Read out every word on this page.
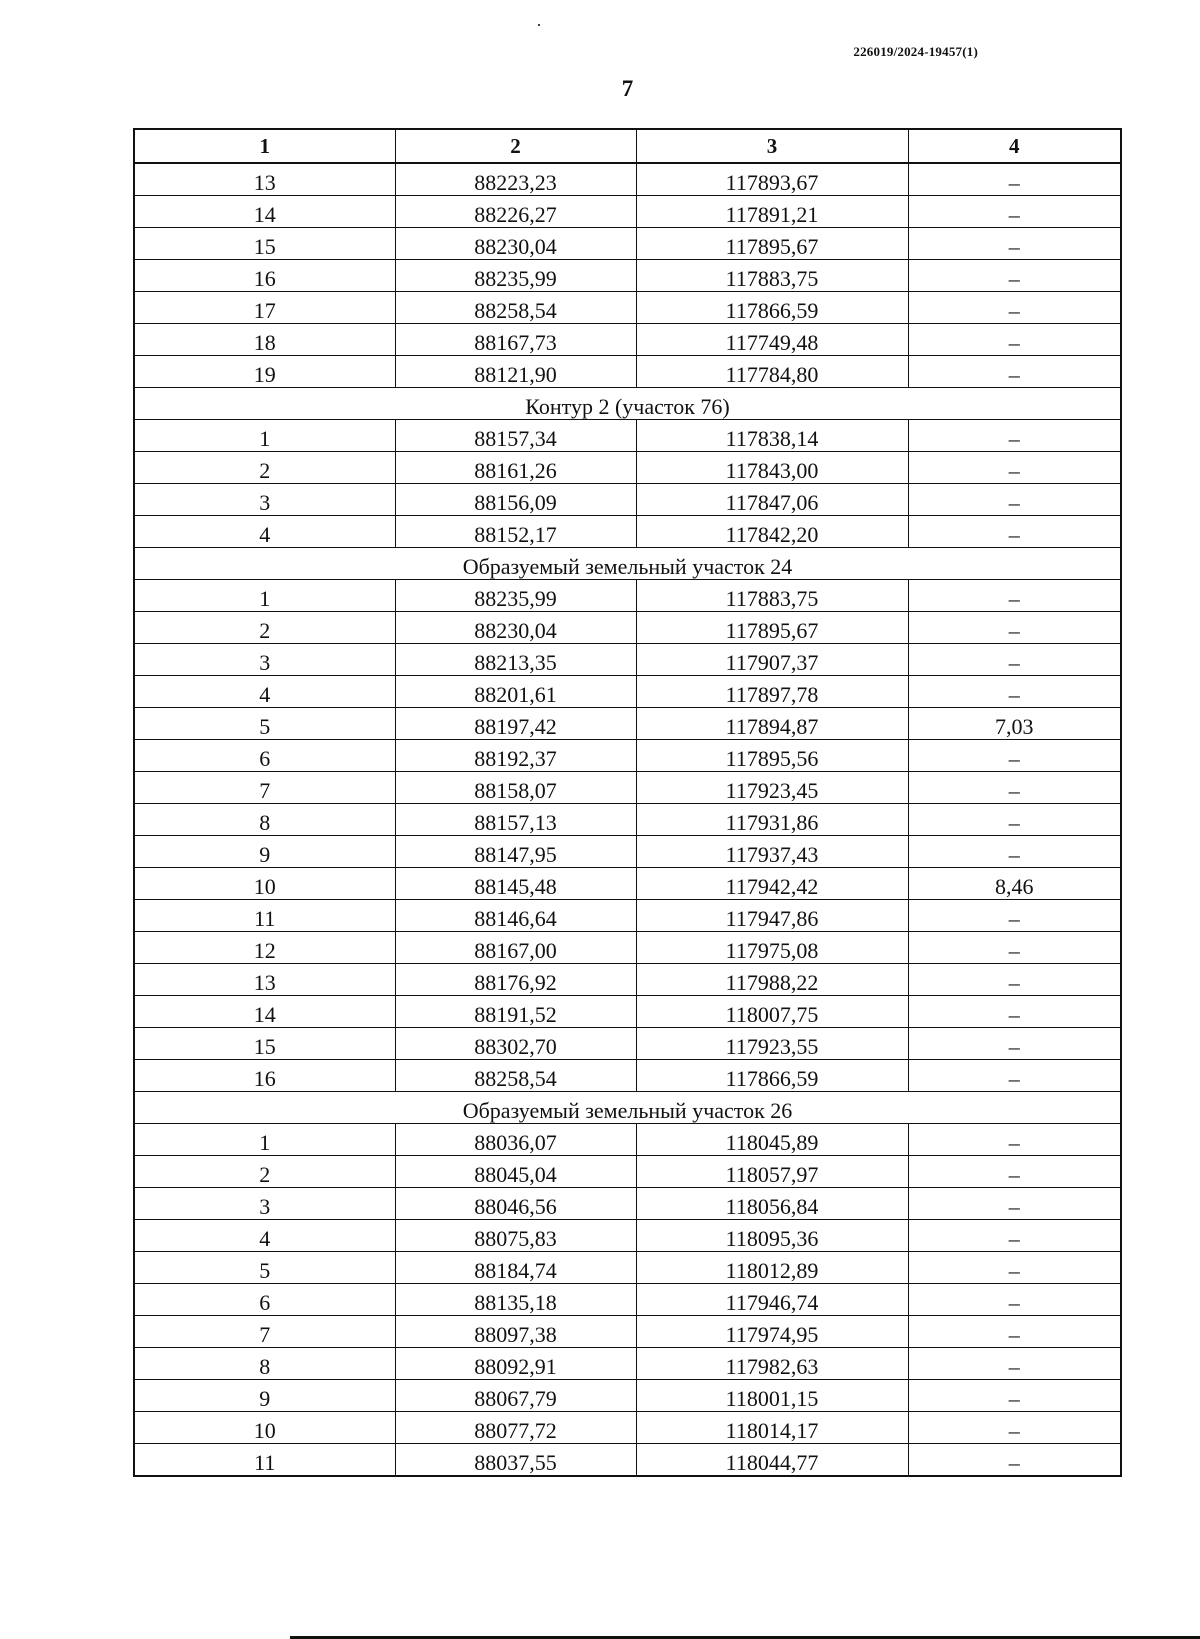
226019/2024-19457(1)
7
1	2	3	4
13	88223,23	117893,67	–
14	88226,27	117891,21	–
15	88230,04	117895,67	–
16	88235,99	117883,75	–
17	88258,54	117866,59	–
18	88167,73	117749,48	–
19	88121,90	117784,80	–
Контур 2 (участок 76)			
1	88157,34	117838,14	–
2	88161,26	117843,00	–
3	88156,09	117847,06	–
4	88152,17	117842,20	–
Образуемый земельный участок 24			
1	88235,99	117883,75	–
2	88230,04	117895,67	–
3	88213,35	117907,37	–
4	88201,61	117897,78	–
5	88197,42	117894,87	7,03
6	88192,37	117895,56	–
7	88158,07	117923,45	–
8	88157,13	117931,86	–
9	88147,95	117937,43	–
10	88145,48	117942,42	8,46
11	88146,64	117947,86	–
12	88167,00	117975,08	–
13	88176,92	117988,22	–
14	88191,52	118007,75	–
15	88302,70	117923,55	–
16	88258,54	117866,59	–
Образуемый земельный участок 26			
1	88036,07	118045,89	–
2	88045,04	118057,97	–
3	88046,56	118056,84	–
4	88075,83	118095,36	–
5	88184,74	118012,89	–
6	88135,18	117946,74	–
7	88097,38	117974,95	–
8	88092,91	117982,63	–
9	88067,79	118001,15	–
10	88077,72	118014,17	–
11	88037,55	118044,77	–
